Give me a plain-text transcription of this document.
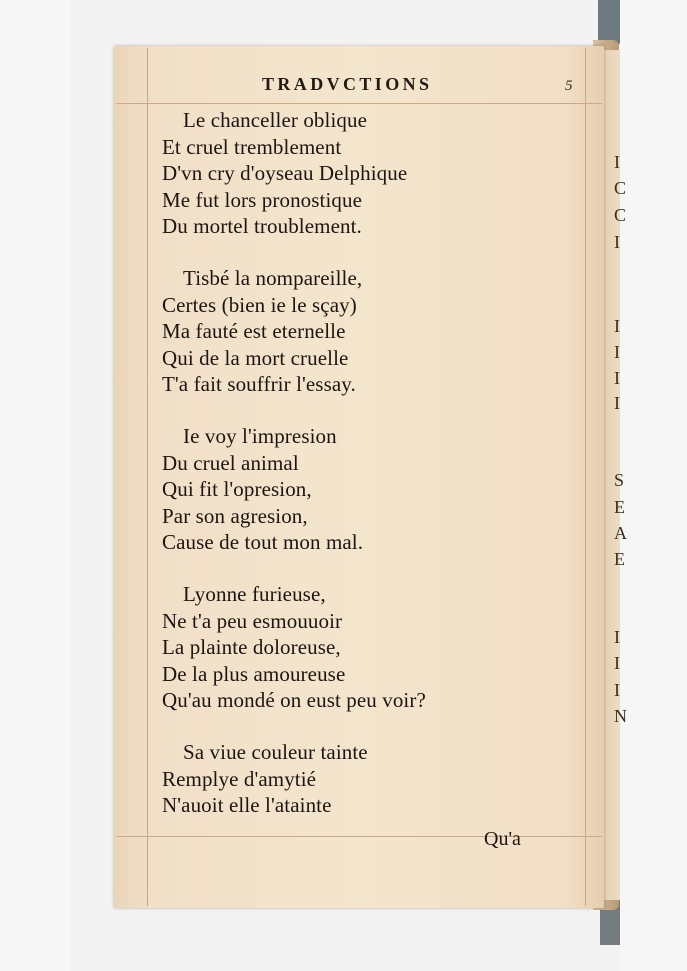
I
C
C
I
I
I
I
I
S
E
A
E
I
I
I
N

TRADVCTIONS	5
Le chanceller oblique
Et cruel tremblement
D'vn cry d'oyseau Delphique
Me fut lors pronostique
Du mortel troublement.
Tisbé la nompareille,
Certes (bien ie le sçay)
Ma fauté est eternelle
Qui de la mort cruelle
T'a fait souffrir l'essay.
Ie voy l'impresion
Du cruel animal
Qui fit l'opresion,
Par son agresion,
Cause de tout mon mal.
Lyonne furieuse,
Ne t'a peu esmouuoir
La plainte doloreuse,
De la plus amoureuse
Qu'au mondé on eust peu voir?
Sa viue couleur tainte
Remplye d'amytié
N'auoit elle l'atainte
Qu'a
